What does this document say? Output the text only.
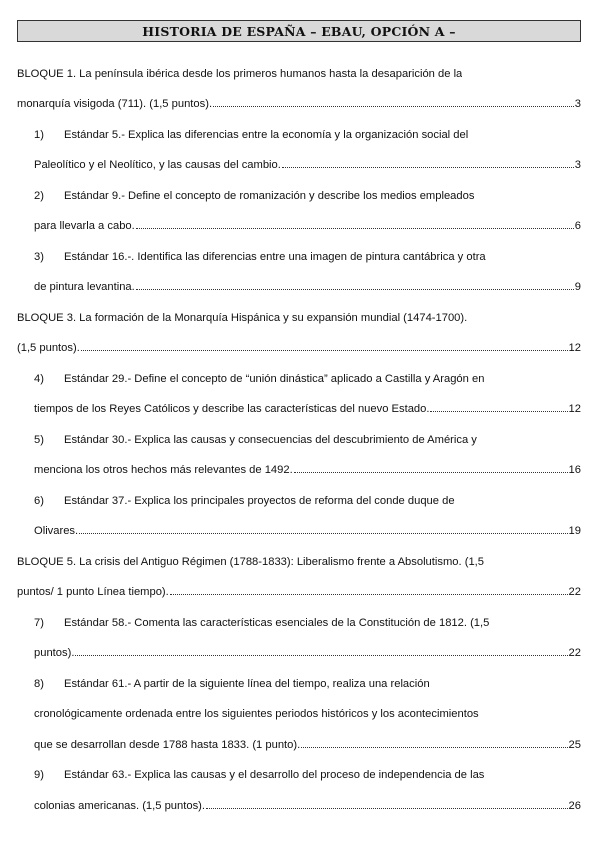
HISTORIA DE ESPAÑA – EBAU, OPCIÓN A –
BLOQUE 1. La península ibérica desde los primeros humanos hasta la desaparición de la
monarquía visigoda (711). (1,5 puntos).	3
1)	Estándar 5.- Explica las diferencias entre la economía y la organización social del
Paleolítico y el Neolítico, y las causas del cambio.	3
2)	Estándar 9.- Define el concepto de romanización y describe los medios empleados
para llevarla a cabo.	6
3)	Estándar 16.-. Identifica las diferencias entre una imagen de pintura cantábrica y otra
de pintura levantina.	9
BLOQUE 3. La formación de la Monarquía Hispánica y su expansión mundial (1474-1700).
(1,5 puntos).	12
4)	Estándar 29.- Define el concepto de “unión dinástica” aplicado a Castilla y Aragón en
tiempos de los Reyes Católicos y describe las características del nuevo Estado.	12
5)	Estándar 30.- Explica las causas y consecuencias del descubrimiento de América y
menciona los otros hechos más relevantes de 1492.	16
6)	Estándar 37.- Explica los principales proyectos de reforma del conde duque de
Olivares.	19
BLOQUE 5. La crisis del Antiguo Régimen (1788-1833): Liberalismo frente a Absolutismo. (1,5
puntos/ 1 punto Línea tiempo).	22
7)	Estándar 58.- Comenta las características esenciales de la Constitución de 1812. (1,5
puntos).	22
8)	Estándar 61.- A partir de la siguiente línea del tiempo, realiza una relación
cronológicamente ordenada entre los siguientes periodos históricos y los acontecimientos
que se desarrollan desde 1788 hasta 1833. (1 punto).	25
9)	Estándar 63.- Explica las causas y el desarrollo del proceso de independencia de las
colonias americanas. (1,5 puntos).	26
